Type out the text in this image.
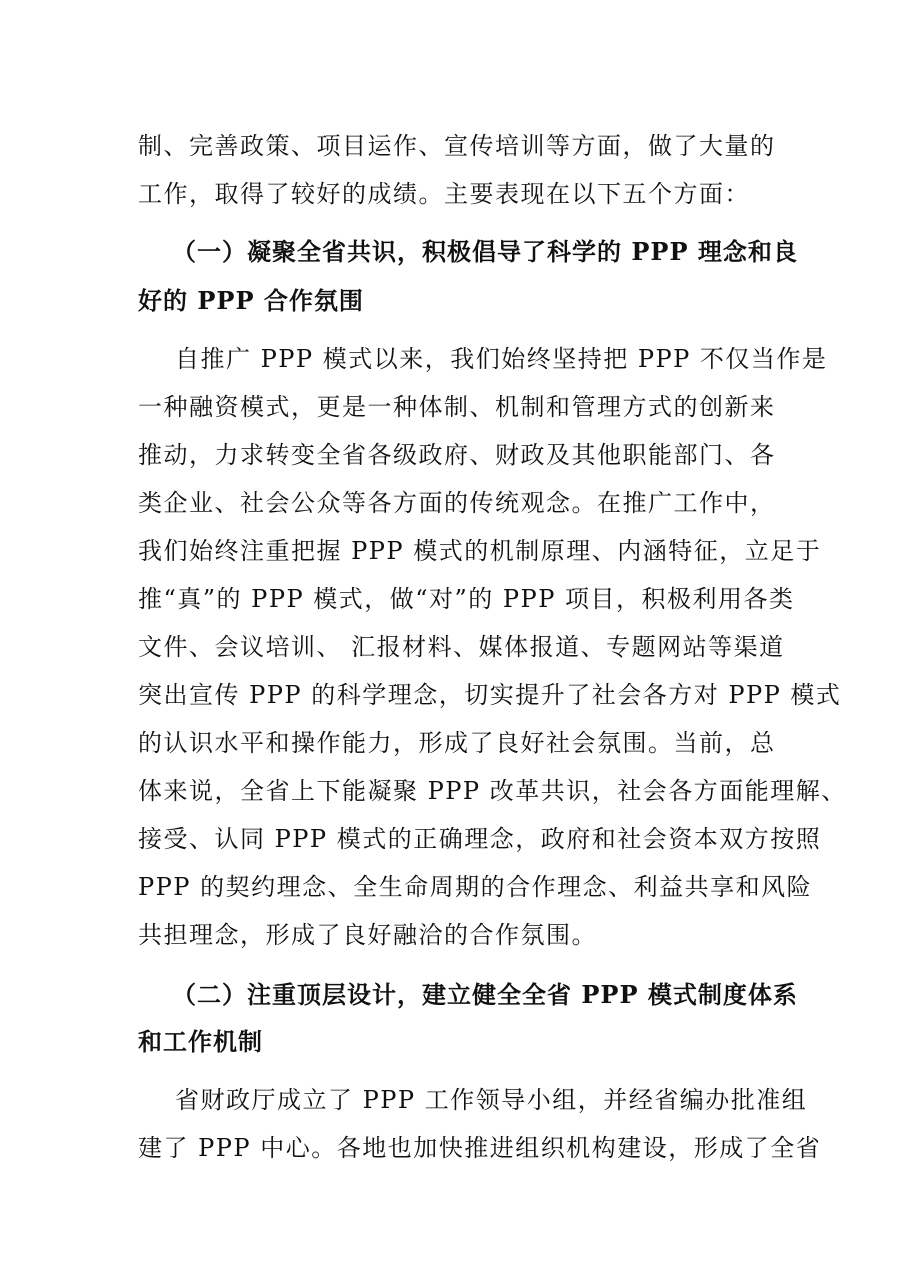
制、完善政策、项目运作、宣传培训等方面，做了大量的
工作，取得了较好的成绩。主要表现在以下五个方面：
（一）凝聚全省共识，积极倡导了科学的 PPP 理念和良
好的 PPP 合作氛围
自推广 PPP 模式以来，我们始终坚持把 PPP 不仅当作是
一种融资模式，更是一种体制、机制和管理方式的创新来
推动，力求转变全省各级政府、财政及其他职能部门、各
类企业、社会公众等各方面的传统观念。在推广工作中，
我们始终注重把握 PPP 模式的机制原理、内涵特征，立足于
推“真”的 PPP 模式，做“对”的 PPP 项目，积极利用各类
文件、会议培训、 汇报材料、媒体报道、专题网站等渠道
突出宣传 PPP 的科学理念，切实提升了社会各方对 PPP 模式
的认识水平和操作能力，形成了良好社会氛围。当前，总
体来说，全省上下能凝聚 PPP 改革共识，社会各方面能理解、
接受、认同 PPP 模式的正确理念，政府和社会资本双方按照
PPP 的契约理念、全生命周期的合作理念、利益共享和风险
共担理念，形成了良好融洽的合作氛围。
（二）注重顶层设计，建立健全全省 PPP 模式制度体系
和工作机制
省财政厅成立了 PPP 工作领导小组，并经省编办批准组
建了 PPP 中心。各地也加快推进组织机构建设，形成了全省
